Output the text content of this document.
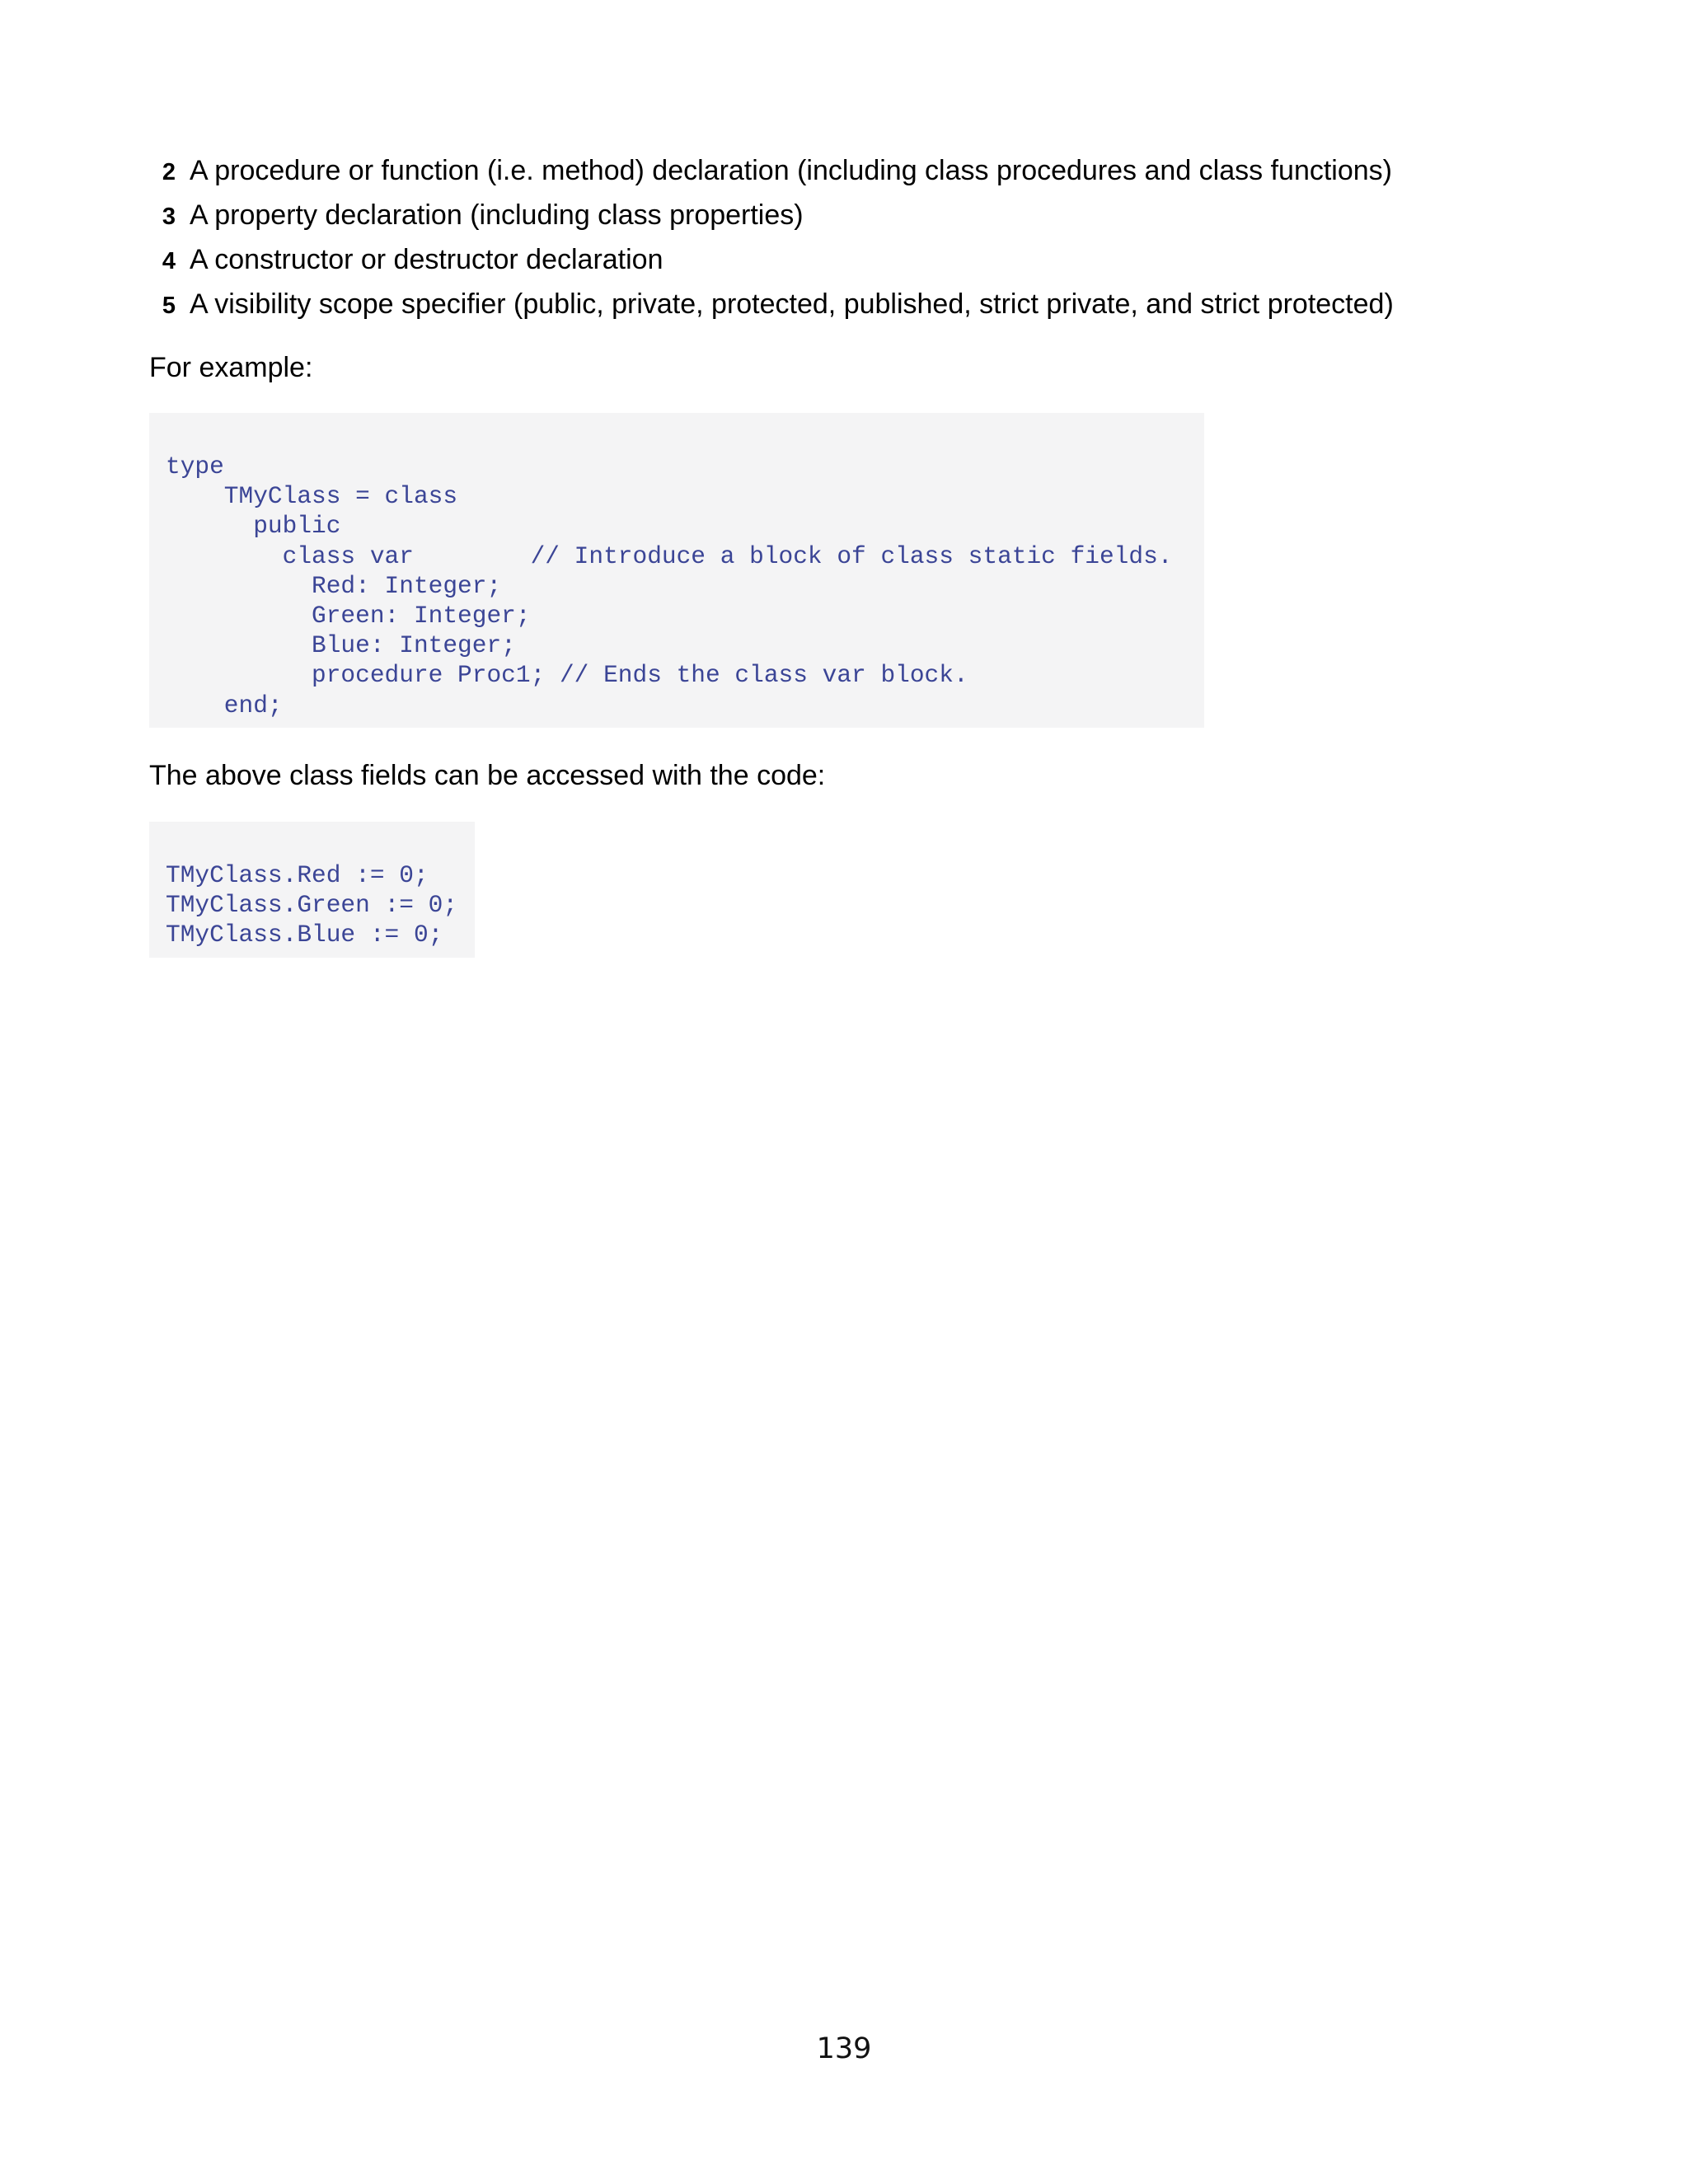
2 A procedure or function (i.e. method) declaration (including class procedures and class functions)
3 A property declaration (including class properties)
4 A constructor or destructor declaration
5 A visibility scope specifier (public, private, protected, published, strict private, and strict protected)

For example:

type
TMyClass = class
public
class var        // Introduce a block of class static fields.
Red: Integer;
Green: Integer;
Blue: Integer;
procedure Proc1; // Ends the class var block.
end;

The above class fields can be accessed with the code:

TMyClass.Red := 0;
TMyClass.Green := 0;
TMyClass.Blue := 0;
139
